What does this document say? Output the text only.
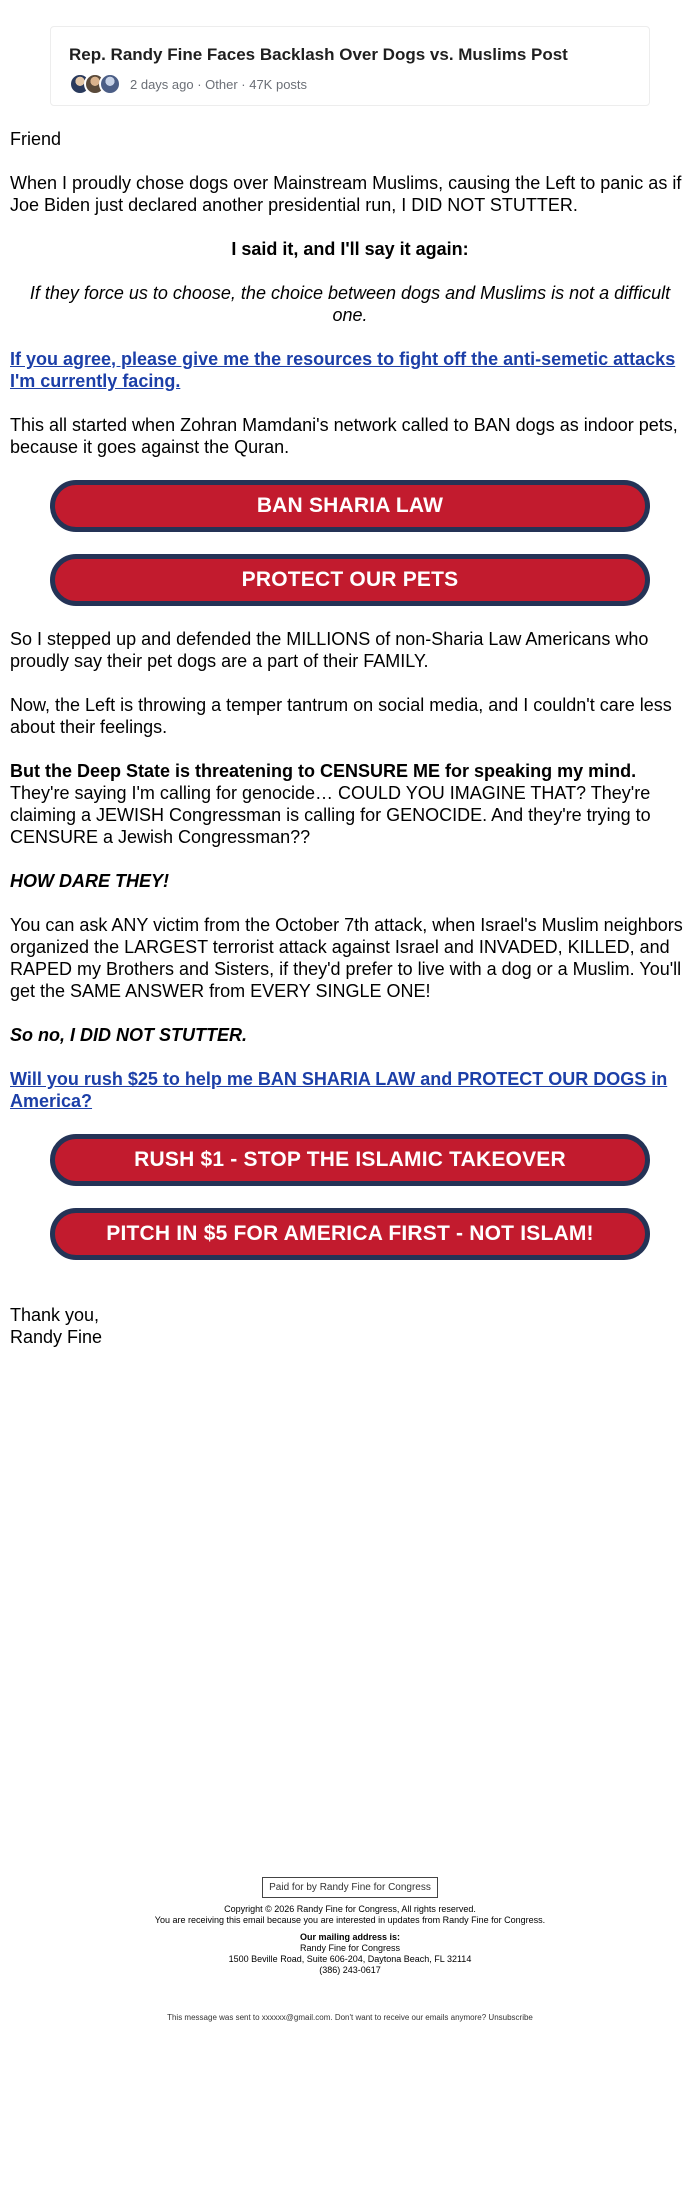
Rep. Randy Fine Faces Backlash Over Dogs vs. Muslims Post
2 days ago · Other · 47K posts

Friend

When I proudly chose dogs over Mainstream Muslims, causing the Left to panic as if Joe Biden just declared another presidential run, I DID NOT STUTTER.

I said it, and I'll say it again:

If they force us to choose, the choice between dogs and Muslims is not a difficult one.

If you agree, please give me the resources to fight off the anti-semetic attacks I'm currently facing.

This all started when Zohran Mamdani's network called to BAN dogs as indoor pets, because it goes against the Quran.

BAN SHARIA LAW
PROTECT OUR PETS

So I stepped up and defended the MILLIONS of non-Sharia Law Americans who proudly say their pet dogs are a part of their FAMILY.

Now, the Left is throwing a temper tantrum on social media, and I couldn't care less about their feelings.

But the Deep State is threatening to CENSURE ME for speaking my mind. They're saying I'm calling for genocide… COULD YOU IMAGINE THAT? They're claiming a JEWISH Congressman is calling for GENOCIDE. And they're trying to CENSURE a Jewish Congressman??

HOW DARE THEY!

You can ask ANY victim from the October 7th attack, when Israel's Muslim neighbors organized the LARGEST terrorist attack against Israel and INVADED, KILLED, and RAPED my Brothers and Sisters, if they'd prefer to live with a dog or a Muslim. You'll get the SAME ANSWER from EVERY SINGLE ONE!

So no, I DID NOT STUTTER.

Will you rush $25 to help me BAN SHARIA LAW and PROTECT OUR DOGS in America?

RUSH $1 - STOP THE ISLAMIC TAKEOVER
PITCH IN $5 FOR AMERICA FIRST - NOT ISLAM!
Thank you,
Randy Fine
Paid for by Randy Fine for Congress
Copyright © 2026 Randy Fine for Congress, All rights reserved.
You are receiving this email because you are interested in updates from Randy Fine for Congress.
Our mailing address is:
Randy Fine for Congress
1500 Beville Road, Suite 606-204, Daytona Beach, FL 32114
(386) 243-0617
This message was sent to xxxxxx@gmail.com. Don't want to receive our emails anymore? Unsubscribe
